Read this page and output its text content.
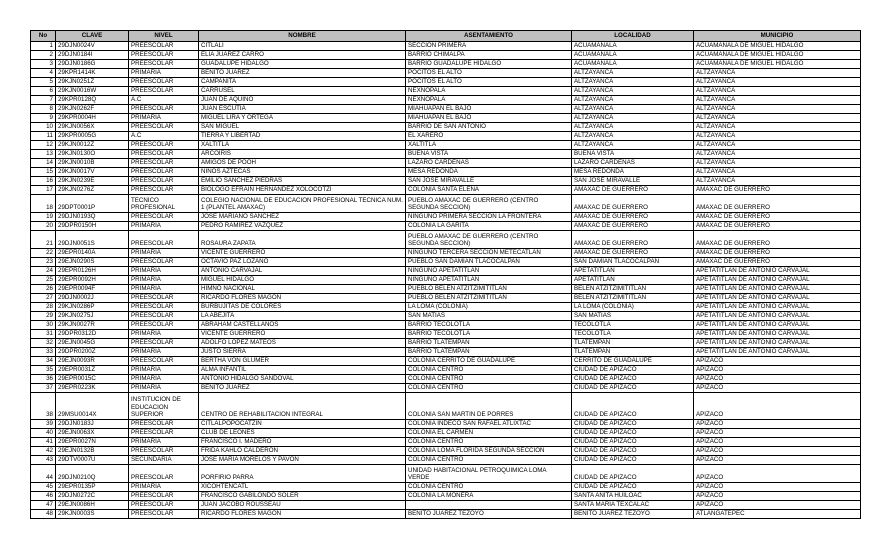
No	CLAVE	NIVEL	NOMBRE	ASENTAMIENTO	LOCALIDAD	MUNICIPIO
1	29DJN0024V	PREESCOLAR	CITLALI	SECCION PRIMERA	ACUAMANALA	ACUAMANALA DE MIGUEL HIDALGO
2	29DJN0184I	PREESCOLAR	ELIA JUAREZ CARRO	BARRIO CHIMALPA	ACUAMANALA	ACUAMANALA DE MIGUEL HIDALGO
3	29DJN0186G	PREESCOLAR	GUADALUPE HIDALGO	BARRIO GUADALUPE HIDALGO	ACUAMANALA	ACUAMANALA DE MIGUEL HIDALGO
4	29KPR1414K	PRIMARIA	BENITO JUAREZ	POCITOS EL ALTO	ALTZAYANCA	ALTZAYANCA
5	29KJN0251Z	PREESCOLAR	CAMPANITA	POCITOS EL ALTO	ALTZAYANCA	ALTZAYANCA
6	29KJN0016W	PREESCOLAR	CARRUSEL	NEXNOPALA	ALTZAYANCA	ALTZAYANCA
7	29KPR0128Q	A.C	JUAN DE AQUINO	NEXNOPALA	ALTZAYANCA	ALTZAYANCA
8	29KJN0262F	PREESCOLAR	JUAN ESCUTIA	MIAHUAPAN EL BAJO	ALTZAYANCA	ALTZAYANCA
9	29KPR0004H	PRIMARIA	MIGUEL LIRA Y ORTEGA	MIAHUAPAN EL BAJO	ALTZAYANCA	ALTZAYANCA
10	29KJN0056X	PREESCOLAR	SAN MIGUEL	BARRIO DE SAN ANTONIO	ALTZAYANCA	ALTZAYANCA
11	29KPR0005G	A.C	TIERRA Y LIBERTAD	EL XARERO	ALTZAYANCA	ALTZAYANCA
12	29KJN0012Z	PREESCOLAR	XALTITLA	XALTITLA	ALTZAYANCA	ALTZAYANCA
13	29KJN0130O	PREESCOLAR	ARCOIRIS	BUENA VISTA	BUENA VISTA	ALTZAYANCA
14	29KJN0010B	PREESCOLAR	AMIGOS DE POOH	LAZARO CARDENAS	LAZARO CARDENAS	ALTZAYANCA
15	29KJN0017V	PREESCOLAR	NIÑOS AZTECAS	MESA REDONDA	MESA REDONDA	ALTZAYANCA
16	29KJN0239E	PREESCOLAR	EMILIO SANCHEZ PIEDRAS	SAN JOSE MIRAVALLE	SAN JOSE MIRAVALLE	ALTZAYANCA
17	29KJN0276Z	PREESCOLAR	BIOLOGO EFRAIN HERNANDEZ XOLOCOTZI	COLONIA SANTA ELENA	AMAXAC DE GUERRERO	AMAXAC DE GUERRERO
18	29DPT0001P	TECNICO PROFESIONAL	COLEGIO NACIONAL DE EDUCACION PROFESIONAL TECNICA NUM. 1 (PLANTEL AMAXAC)	PUEBLO AMAXAC DE GUERRERO (CENTRO SEGUNDA SECCION)	AMAXAC DE GUERRERO	AMAXAC DE GUERRERO
19	29DJN0193Q	PREESCOLAR	JOSE MARIANO SANCHEZ	NINGUNO PRIMERA SECCION LA FRONTERA	AMAXAC DE GUERRERO	AMAXAC DE GUERRERO
20	29DPR0150H	PRIMARIA	PEDRO RAMIREZ VAZQUEZ	COLONIA LA GARITA	AMAXAC DE GUERRERO	AMAXAC DE GUERRERO
21	29DJN0051S	PREESCOLAR	ROSAURA ZAPATA	PUEBLO AMAXAC DE GUERRERO (CENTRO SEGUNDA SECCION)	AMAXAC DE GUERRERO	AMAXAC DE GUERRERO
22	29EPR0140A	PRIMARIA	VICENTE GUERRERO	NINGUNO TERCERA SECCION METECATLAN	AMAXAC DE GUERRERO	AMAXAC DE GUERRERO
23	29EJN0290S	PREESCOLAR	OCTAVIO PAZ LOZANO	PUEBLO SAN DAMIAN TLACOCALPAN	SAN DAMIAN TLACOCALPAN	AMAXAC DE GUERRERO
24	29EPR0126H	PRIMARIA	ANTONIO CARVAJAL	NINGUNO APETATITLAN	APETATITLAN	APETATITLAN DE ANTONIO CARVAJAL
25	29EPR0092H	PRIMARIA	MIGUEL HIDALGO	NINGUNO APETATITLAN	APETATITLAN	APETATITLAN DE ANTONIO CARVAJAL
26	29EPR0094F	PRIMARIA	HIMNO NACIONAL	PUEBLO BELEN ATZITZIMITITLAN	BELEN ATZITZIMITITLAN	APETATITLAN DE ANTONIO CARVAJAL
27	29DJN0002J	PREESCOLAR	RICARDO FLORES MAGON	PUEBLO BELEN ATZITZIMITITLAN	BELEN ATZITZIMITITLAN	APETATITLAN DE ANTONIO CARVAJAL
28	29KJN0286P	PREESCOLAR	BURBUJITAS DE COLORES	LA LOMA (COLONIA)	LA LOMA (COLONIA)	APETATITLAN DE ANTONIO CARVAJAL
29	29KJN0275J	PREESCOLAR	LA ABEJITA	SAN MATIAS	SAN MATIAS	APETATITLAN DE ANTONIO CARVAJAL
30	29KJN0027R	PREESCOLAR	ABRAHAM CASTELLANOS	BARRIO TECOLOTLA	TECOLOTLA	APETATITLAN DE ANTONIO CARVAJAL
31	29DPR0312D	PRIMARIA	VICENTE GUERRERO	BARRIO TECOLOTLA	TECOLOTLA	APETATITLAN DE ANTONIO CARVAJAL
32	29EJN0045G	PREESCOLAR	ADOLFO LOPEZ MATEOS	BARRIO TLATEMPAN	TLATEMPAN	APETATITLAN DE ANTONIO CARVAJAL
33	29DPR0200Z	PRIMARIA	JUSTO SIERRA	BARRIO TLATEMPAN	TLATEMPAN	APETATITLAN DE ANTONIO CARVAJAL
34	29EJN0093R	PREESCOLAR	BERTHA VON GLUMER	COLONIA CERRITO DE GUADALUPE	CERRITO DE GUADALUPE	APIZACO
35	29EPR0031Z	PRIMARIA	ALMA INFANTIL	COLONIA CENTRO	CIUDAD DE APIZACO	APIZACO
36	29EPR0015C	PRIMARIA	ANTONIO HIDALGO SANDOVAL	COLONIA CENTRO	CIUDAD DE APIZACO	APIZACO
37	29EPR0223K	PRIMARIA	BENITO JUAREZ	COLONIA CENTRO	CIUDAD DE APIZACO	APIZACO
38	29MSU0014X	INSTITUCION DE EDUCACION SUPERIOR	CENTRO DE REHABILITACION INTEGRAL	COLONIA SAN MARTIN DE PORRES	CIUDAD DE APIZACO	APIZACO
39	29DJN0183J	PREESCOLAR	CITLALPOPOCATZIN	COLONIA INDECO SAN RAFAEL ATLIXTAC	CIUDAD DE APIZACO	APIZACO
40	29EJN0063X	PREESCOLAR	CLUB DE LEONES	COLONIA EL CARMEN	CIUDAD DE APIZACO	APIZACO
41	29EPR0027N	PRIMARIA	FRANCISCO I. MADERO	COLONIA CENTRO	CIUDAD DE APIZACO	APIZACO
42	29EJN0132B	PREESCOLAR	FRIDA KAHLO CALDERON	COLONIA LOMA FLORIDA SEGUNDA SECCION	CIUDAD DE APIZACO	APIZACO
43	29DTV0007U	SECUNDARIA	JOSE MARIA MORELOS Y PAVON	COLONIA CENTRO	CIUDAD DE APIZACO	APIZACO
44	29DJN0210Q	PREESCOLAR	PORFIRIO PARRA	UNIDAD HABITACIONAL PETROQUIMICA LOMA VERDE	CIUDAD DE APIZACO	APIZACO
45	29EPR0135P	PRIMARIA	XICOHTENCATL	COLONIA CENTRO	CIUDAD DE APIZACO	APIZACO
46	29DJN0272C	PREESCOLAR	FRANCISCO GABILONDO SOLER	COLONIA LA MONERA	SANTA ANITA HUILOAC	APIZACO
47	29EJN0086H	PREESCOLAR	JUAN JACOBO ROUSSEAU		SANTA MARIA TEXCALAC	APIZACO
48	29KJN0003S	PREESCOLAR	RICARDO FLORES MAGON	BENITO JUAREZ TEZOYO	BENITO JUAREZ TEZOYO	ATLANGATEPEC
